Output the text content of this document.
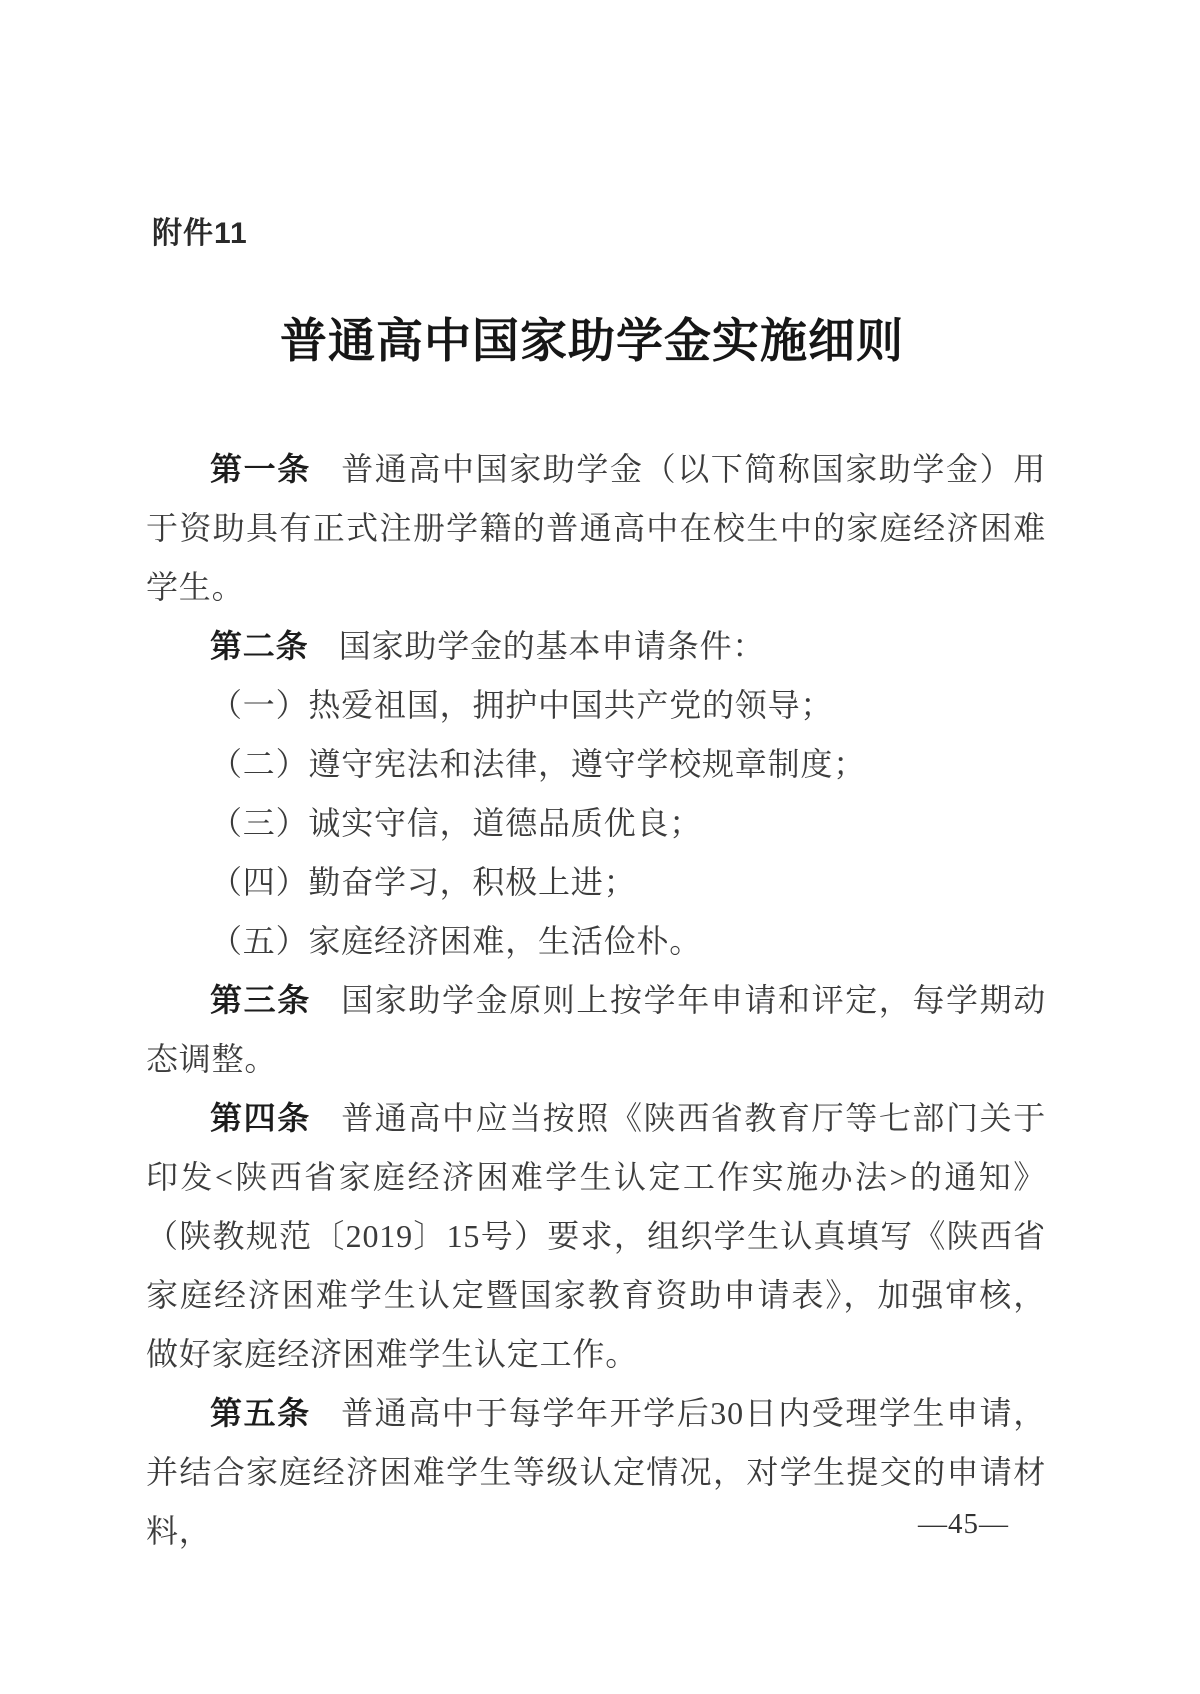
附件11
普通高中国家助学金实施细则

第一条 普通高中国家助学金（以下简称国家助学金）用于资助具有正式注册学籍的普通高中在校生中的家庭经济困难学生。

第二条 国家助学金的基本申请条件：

（一）热爱祖国，拥护中国共产党的领导；

（二）遵守宪法和法律，遵守学校规章制度；

（三）诚实守信，道德品质优良；

（四）勤奋学习，积极上进；

（五）家庭经济困难，生活俭朴。

第三条 国家助学金原则上按学年申请和评定，每学期动态调整。

第四条 普通高中应当按照《陕西省教育厅等七部门关于印发<陕西省家庭经济困难学生认定工作实施办法>的通知》（陕教规范〔2019〕15号）要求，组织学生认真填写《陕西省家庭经济困难学生认定暨国家教育资助申请表》，加强审核，做好家庭经济困难学生认定工作。

第五条 普通高中于每学年开学后30日内受理学生申请，并结合家庭经济困难学生等级认定情况，对学生提交的申请材料，	—45—
